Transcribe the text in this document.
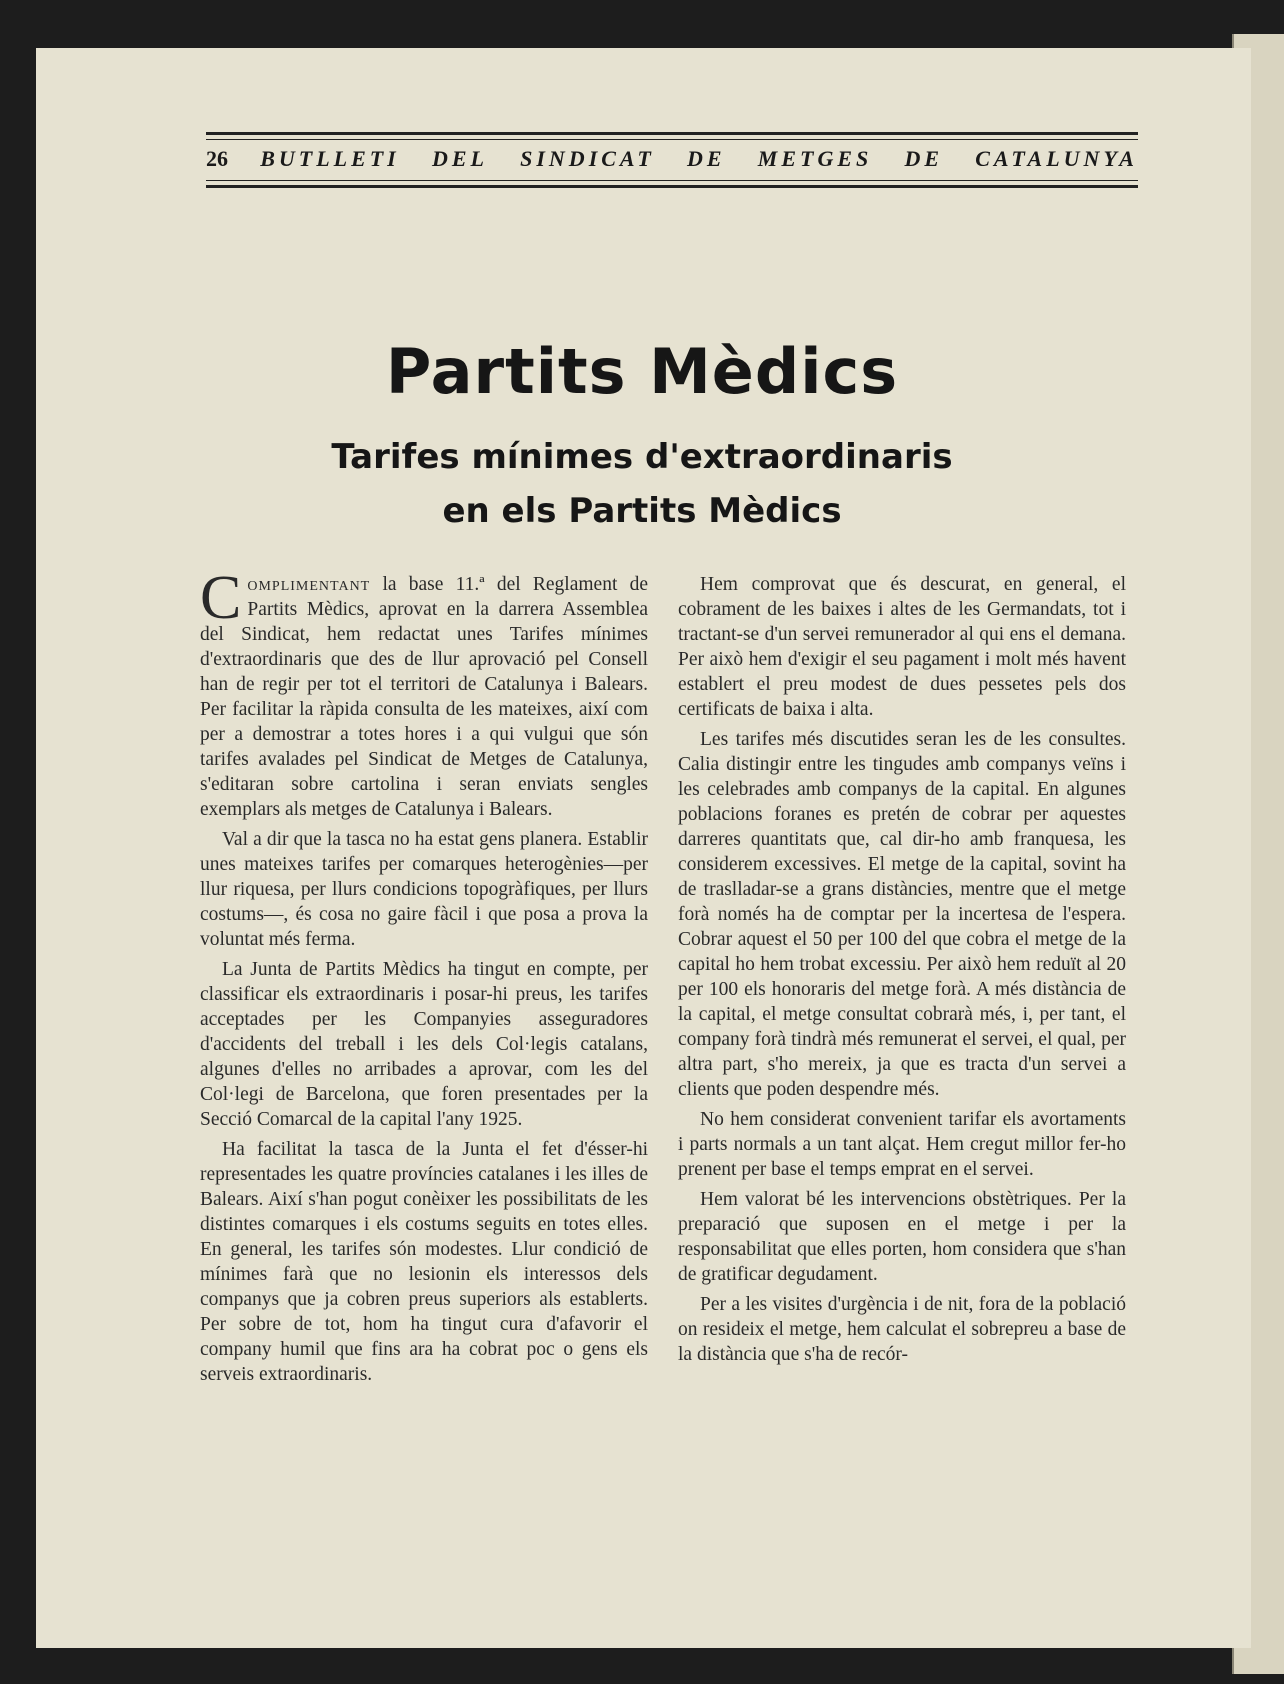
26 BUTLLETI DEL SINDICAT DE METGES DE CATALUNYA
Partits Mèdics
Tarifes mínimes d'extraordinaris
en els Partits Mèdics

Complimentant la base 11.ª del Reglament de Partits Mèdics, aprovat en la darrera Assemblea del Sindicat, hem redactat unes Tarifes mínimes d'extraordinaris que des de llur aprovació pel Consell han de regir per tot el territori de Catalunya i Balears. Per facilitar la ràpida consulta de les mateixes, així com per a demostrar a totes hores i a qui vulgui que són tarifes avalades pel Sindicat de Metges de Catalunya, s'editaran sobre cartolina i seran enviats sengles exemplars als metges de Catalunya i Balears.

Val a dir que la tasca no ha estat gens planera. Establir unes mateixes tarifes per comarques heterogènies—per llur riquesa, per llurs condicions topogràfiques, per llurs costums—, és cosa no gaire fàcil i que posa a prova la voluntat més ferma.

La Junta de Partits Mèdics ha tingut en compte, per classificar els extraordinaris i posar-hi preus, les tarifes acceptades per les Companyies asseguradores d'accidents del treball i les dels Col·legis catalans, algunes d'elles no arribades a aprovar, com les del Col·legi de Barcelona, que foren presentades per la Secció Comarcal de la capital l'any 1925.

Ha facilitat la tasca de la Junta el fet d'ésser-hi representades les quatre províncies catalanes i les illes de Balears. Així s'han pogut conèixer les possibilitats de les distintes comarques i els costums seguits en totes elles. En general, les tarifes són modestes. Llur condició de mínimes farà que no lesionin els interessos dels companys que ja cobren preus superiors als establerts. Per sobre de tot, hom ha tingut cura d'afavorir el company humil que fins ara ha cobrat poc o gens els serveis extraordinaris.

Hem comprovat que és descurat, en general, el cobrament de les baixes i altes de les Germandats, tot i tractant-se d'un servei remunerador al qui ens el demana. Per això hem d'exigir el seu pagament i molt més havent establert el preu modest de dues pessetes pels dos certificats de baixa i alta.

Les tarifes més discutides seran les de les consultes. Calia distingir entre les tingudes amb companys veïns i les celebrades amb companys de la capital. En algunes poblacions foranes es pretén de cobrar per aquestes darreres quantitats que, cal dir-ho amb franquesa, les considerem excessives. El metge de la capital, sovint ha de traslladar-se a grans distàncies, mentre que el metge forà només ha de comptar per la incertesa de l'espera. Cobrar aquest el 50 per 100 del que cobra el metge de la capital ho hem trobat excessiu. Per això hem reduït al 20 per 100 els honoraris del metge forà. A més distància de la capital, el metge consultat cobrarà més, i, per tant, el company forà tindrà més remunerat el servei, el qual, per altra part, s'ho mereix, ja que es tracta d'un servei a clients que poden despendre més.

No hem considerat convenient tarifar els avortaments i parts normals a un tant alçat. Hem cregut millor fer-ho prenent per base el temps emprat en el servei.

Hem valorat bé les intervencions obstètriques. Per la preparació que suposen en el metge i per la responsabilitat que elles porten, hom considera que s'han de gratificar degudament.

Per a les visites d'urgència i de nit, fora de la població on resideix el metge, hem calculat el sobrepreu a base de la distància que s'ha de recór-
